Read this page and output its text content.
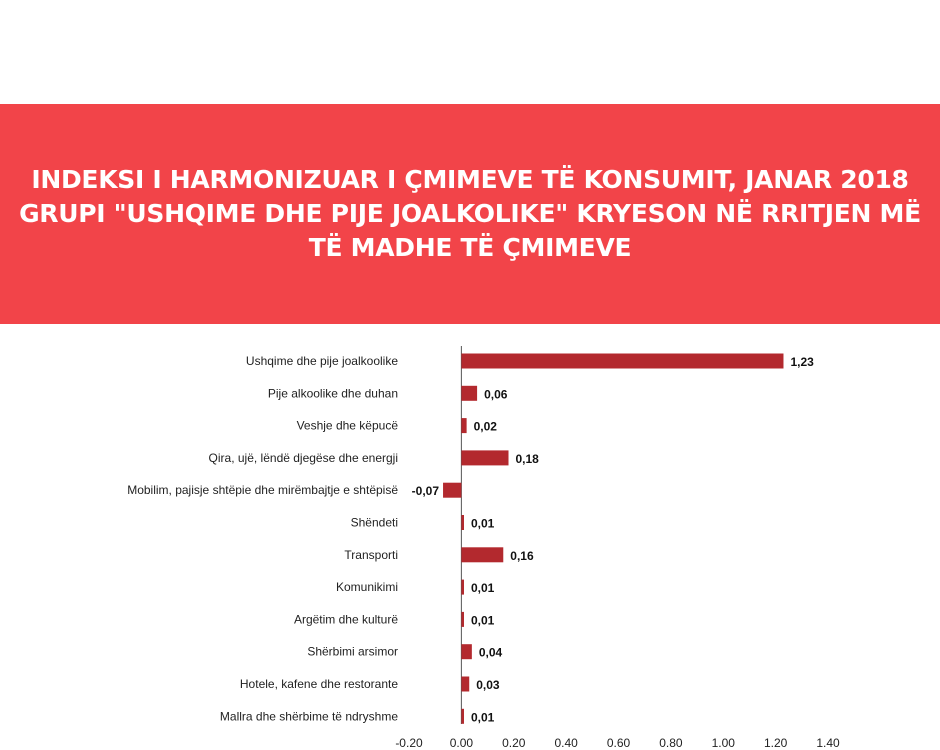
INDEKSI I HARMONIZUAR I ÇMIMEVE TË KONSUMIT, JANAR 2018
GRUPI "USHQIME DHE PIJE JOALKOLIKE" KRYESON NË RRITJEN MË
TË MADHE TË ÇMIMEVE
Ushqime dhe pije joalkoolike	1,23
Pije alkoolike dhe duhan	0,06
Veshje dhe këpucë	0,02
Qira, ujë, lëndë djegëse dhe energji	0,18
Mobilim, pajisje shtëpie dhe mirëmbajtje e shtëpisë -0,07
Shëndeti	0,01
Transporti	0,16
Komunikimi	0,01
Argëtim dhe kulturë	0,01
Shërbimi arsimor	0,04
Hotele, kafene dhe restorante	0,03
Mallra dhe shërbime të ndryshme	0,01
-0.20 0.00 0.20 0.40 0.60 0.80 1.00 1.20 1.40
